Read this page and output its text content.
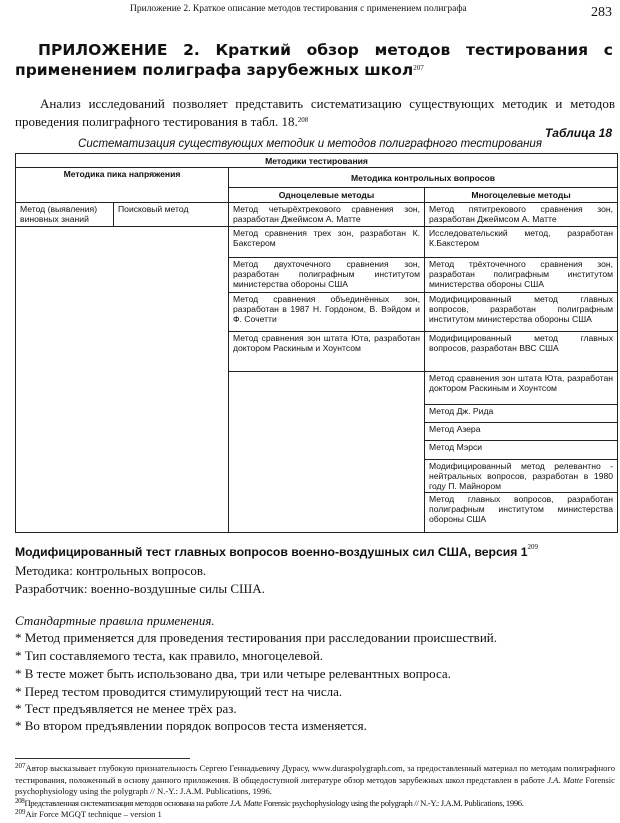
Приложение 2. Краткое описание методов тестирования с применением полиграфа	283
ПРИЛОЖЕНИЕ 2. Краткий обзор методов тестирования с
применением полиграфа зарубежных школ$^{207}$
Анализ исследований позволяет представить систематизацию существующих методик и методов проведения полиграфного тестирования в табл. 18.$^{208}$
Таблица 18
Систематизация существующих методик и методов полиграфного тестирования
Методики тестирования			
Методика пика напряжения		Методика контрольных вопросов	
		Одноцелевые методы	Многоцелевые методы
Метод (выявления) виновных знаний	Поисковый метод	Метод четырёхтрекового сравнения зон, разработан Джеймсом А. Матте	Метод пятитрекового сравнения зон, разработан Джеймсом А. Матте
		Метод сравнения трех зон, разработан К. Бакстером	Исследовательский метод, разработан К.Бакстером
		Метод двухточечного сравнения зон, разработан полиграфным институтом министерства обороны США	Метод трёхточечного сравнения зон, разработан полиграфным институтом министерства обороны США
		Метод сравнения объединённых зон, разработан в 1987 Н. Гордоном, В. Вэйдом и Ф. Сочетти	Модифицированный метод главных вопросов, разработан полиграфным институтом министерства обороны США
		Метод сравнения зон штата Юта, разработан доктором Раскиным и Хоунтсом	Модифицированный метод главных вопросов, разработан ВВС США
			Метод сравнения зон штата Юта, разработан доктором Раскиным и Хоунтсом
			Метод Дж. Рида
			Метод Азера
			Метод Мэрси
			Модифицированный метод релевантно - нейтральных вопросов, разработан в 1980 году П. Майнором
			Метод главных вопросов, разработан полиграфным институтом министерства обороны США
Модифицированный тест главных вопросов военно-воздушных сил США, версия $1^{209}$
Методика: контрольных вопросов.
Разработчик: военно-воздушные силы США.
Стандартные правила применения.
* Метод применяется для проведения тестирования при расследовании происшествий.
* Тип составляемого теста, как правило, многоцелевой.
* В тесте может быть использовано два, три или четыре релевантных вопроса.
* Перед тестом проводится стимулирующий тест на числа.
* Тест предъявляется не менее трёх раз.
* Во втором предъявлении порядок вопросов теста изменяется.
$^{207}$Автор высказывает глубокую признательность Сергею Геннадьевичу Дурасу, www.duraspolygraph.com, за предоставленный материал по методам полиграфного тестирования, положенный в основу данного приложения. В общедоступной литературе обзор методов зарубежных школ представлен в работе J.A. Matte Forensic psychophysiology using the polygraph // N.-Y.: J.A.M. Publications, 1996.
$^{208}$Представленная систематизация методов основана на работе J.A. Matte Forensic psychophysiology using the polygraph // N.-Y.: J.A.M. Publications, 1996.
$^{209}$Air Force MGQT technique – version 1
